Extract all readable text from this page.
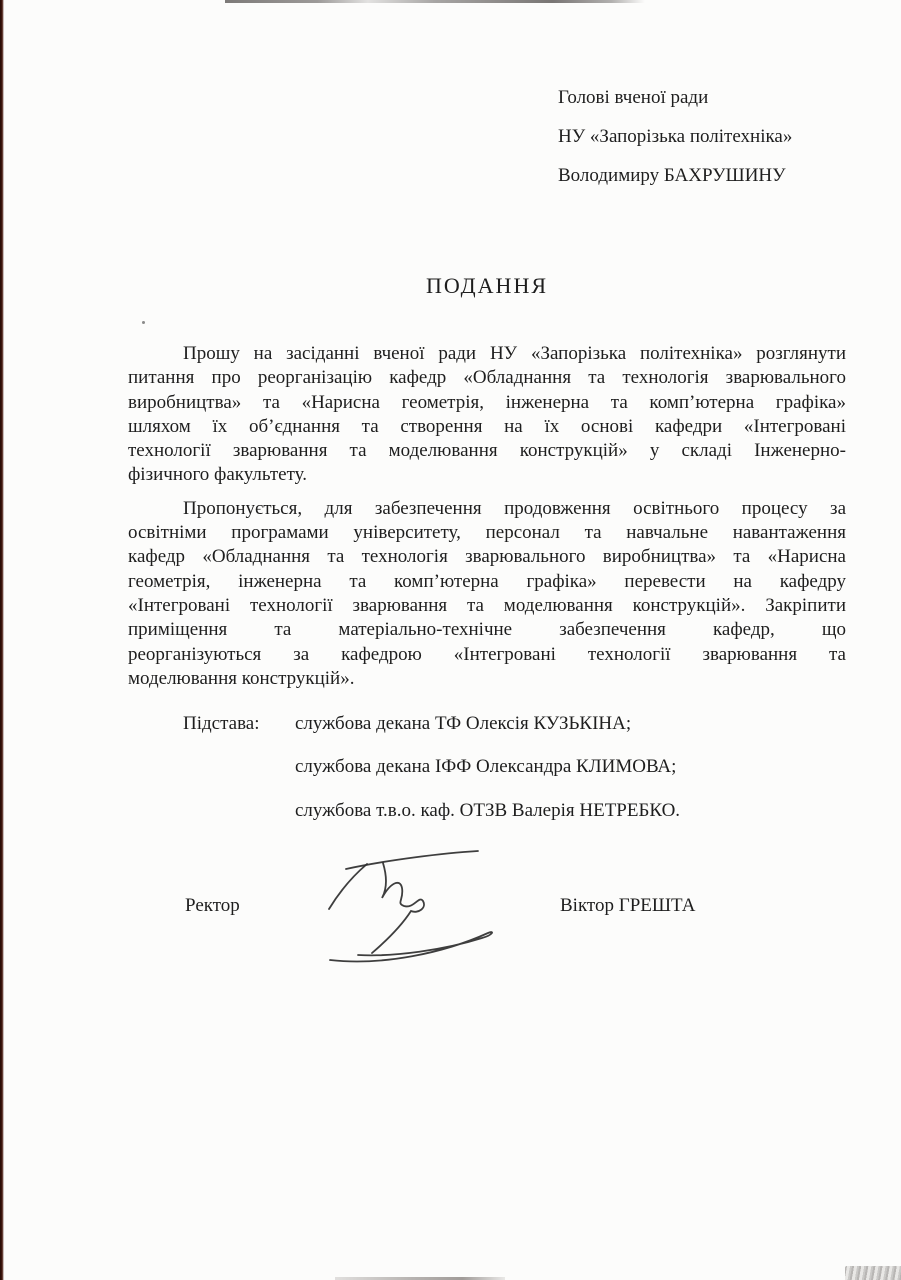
Голові вченої ради
НУ «Запорізька політехніка»
Володимиру БАХРУШИНУ
ПОДАННЯ
Прошу на засіданні вченої ради НУ «Запорізька політехніка» розглянути
питання про реорганізацію кафедр «Обладнання та технологія зварювального
виробництва» та «Нарисна геометрія, інженерна та комп’ютерна графіка»
шляхом їх об’єднання та створення на їх основі кафедри «Інтегровані
технології зварювання та моделювання конструкцій» у складі Інженерно-
фізичного факультету.
Пропонується, для забезпечення продовження освітнього процесу за
освітніми програмами університету, персонал та навчальне навантаження
кафедр «Обладнання та технологія зварювального виробництва» та «Нарисна
геометрія, інженерна та комп’ютерна графіка» перевести на кафедру
«Інтегровані технології зварювання та моделювання конструкцій». Закріпити
приміщення та матеріально-технічне забезпечення кафедр, що
реорганізуються за кафедрою «Інтегровані технології зварювання та
моделювання конструкцій».
Підстава: службова декана ТФ Олексія КУЗЬКІНА;
службова декана ІФФ Олександра КЛИМОВА;
службова т.в.о. каф. ОТЗВ Валерія НЕТРЕБКО.
Ректор	Віктор ГРЕШТА
